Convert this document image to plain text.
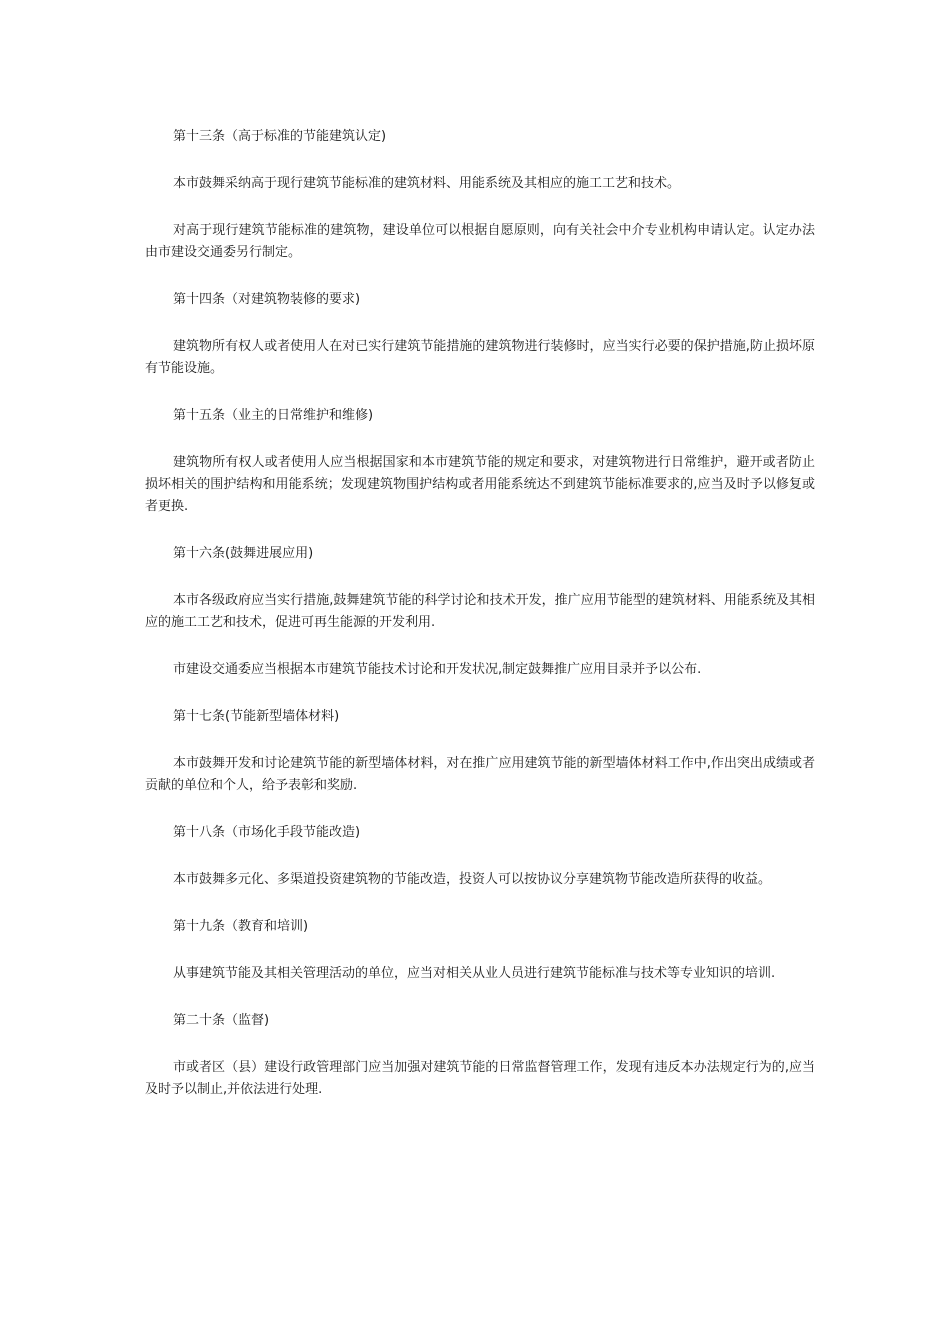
第十三条（高于标准的节能建筑认定)

本市鼓舞采纳高于现行建筑节能标准的建筑材料、用能系统及其相应的施工工艺和技术。

对高于现行建筑节能标准的建筑物，建设单位可以根据自愿原则，向有关社会中介专业机构申请认定。认定办法由市建设交通委另行制定。

第十四条（对建筑物装修的要求)

建筑物所有权人或者使用人在对已实行建筑节能措施的建筑物进行装修时，应当实行必要的保护措施,防止损坏原有节能设施。

第十五条（业主的日常维护和维修)

建筑物所有权人或者使用人应当根据国家和本市建筑节能的规定和要求，对建筑物进行日常维护，避开或者防止损坏相关的围护结构和用能系统；发现建筑物围护结构或者用能系统达不到建筑节能标准要求的,应当及时予以修复或者更换.

第十六条(鼓舞进展应用)

本市各级政府应当实行措施,鼓舞建筑节能的科学讨论和技术开发，推广应用节能型的建筑材料、用能系统及其相应的施工工艺和技术，促进可再生能源的开发利用.

市建设交通委应当根据本市建筑节能技术讨论和开发状况,制定鼓舞推广应用目录并予以公布.

第十七条(节能新型墙体材料)

本市鼓舞开发和讨论建筑节能的新型墙体材料，对在推广应用建筑节能的新型墙体材料工作中,作出突出成绩或者贡献的单位和个人，给予表彰和奖励.

第十八条（市场化手段节能改造)

本市鼓舞多元化、多渠道投资建筑物的节能改造，投资人可以按协议分享建筑物节能改造所获得的收益。

第十九条（教育和培训)

从事建筑节能及其相关管理活动的单位，应当对相关从业人员进行建筑节能标准与技术等专业知识的培训.

第二十条（监督)

市或者区（县）建设行政管理部门应当加强对建筑节能的日常监督管理工作，发现有违反本办法规定行为的,应当及时予以制止,并依法进行处理.
